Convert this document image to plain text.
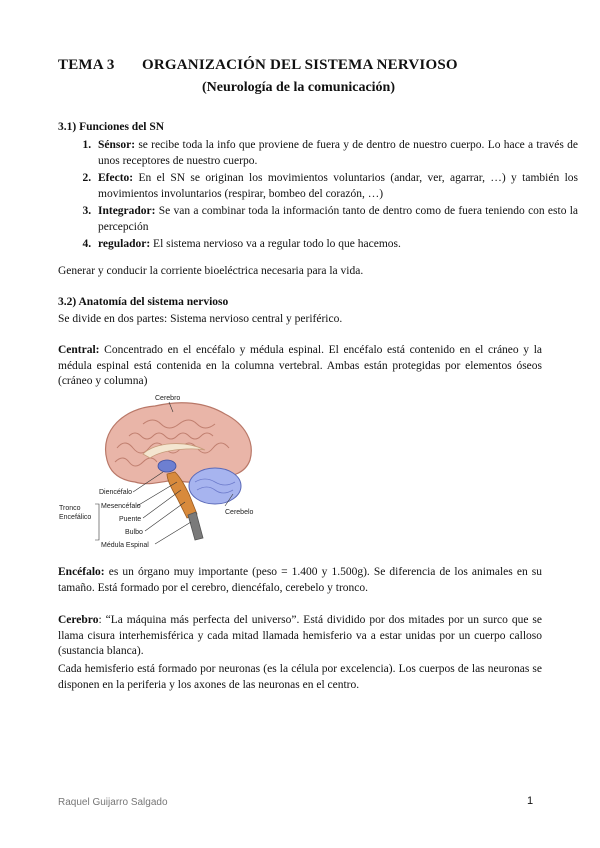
TEMA 3 ORGANIZACIÓN DEL SISTEMA NERVIOSO
(Neurología de la comunicación)
3.1) Funciones del SN
1. Sénsor: se recibe toda la info que proviene de fuera y de dentro de nuestro cuerpo. Lo hace a través de unos receptores de nuestro cuerpo.
2. Efecto: En el SN se originan los movimientos voluntarios (andar, ver, agarrar, …) y también los movimientos involuntarios (respirar, bombeo del corazón, …)
3. Integrador: Se van a combinar toda la información tanto de dentro como de fuera teniendo con esto la percepción
4. regulador: El sistema nervioso va a regular todo lo que hacemos.

Generar y conducir la corriente bioeléctrica necesaria para la vida.

3.2) Anatomía del sistema nervioso

Se divide en dos partes: Sistema nervioso central y periférico.

Central: Concentrado en el encéfalo y médula espinal. El encéfalo está contenido en el cráneo y la médula espinal está contenida en la columna vertebral. Ambas están protegidas por elementos óseos (cráneo y columna)

Cerebro
Diencéfalo
Mesencéfalo
Puente
Bulbo
Médula Espinal
Cerebelo
Tronco
Encefálico

Encéfalo: es un órgano muy importante (peso = 1.400 y 1.500g). Se diferencia de los animales en su tamaño. Está formado por el cerebro, diencéfalo, cerebelo y tronco.

Cerebro: “La máquina más perfecta del universo”. Está dividido por dos mitades por un surco que se llama cisura interhemisférica y cada mitad llamada hemisferio va a estar unidas por un cuerpo calloso (sustancia blanca).

Cada hemisferio está formado por neuronas (es la célula por excelencia). Los cuerpos de las neuronas se disponen en la periferia y los axones de las neuronas en el centro.

Raquel Guijarro Salgado	1
